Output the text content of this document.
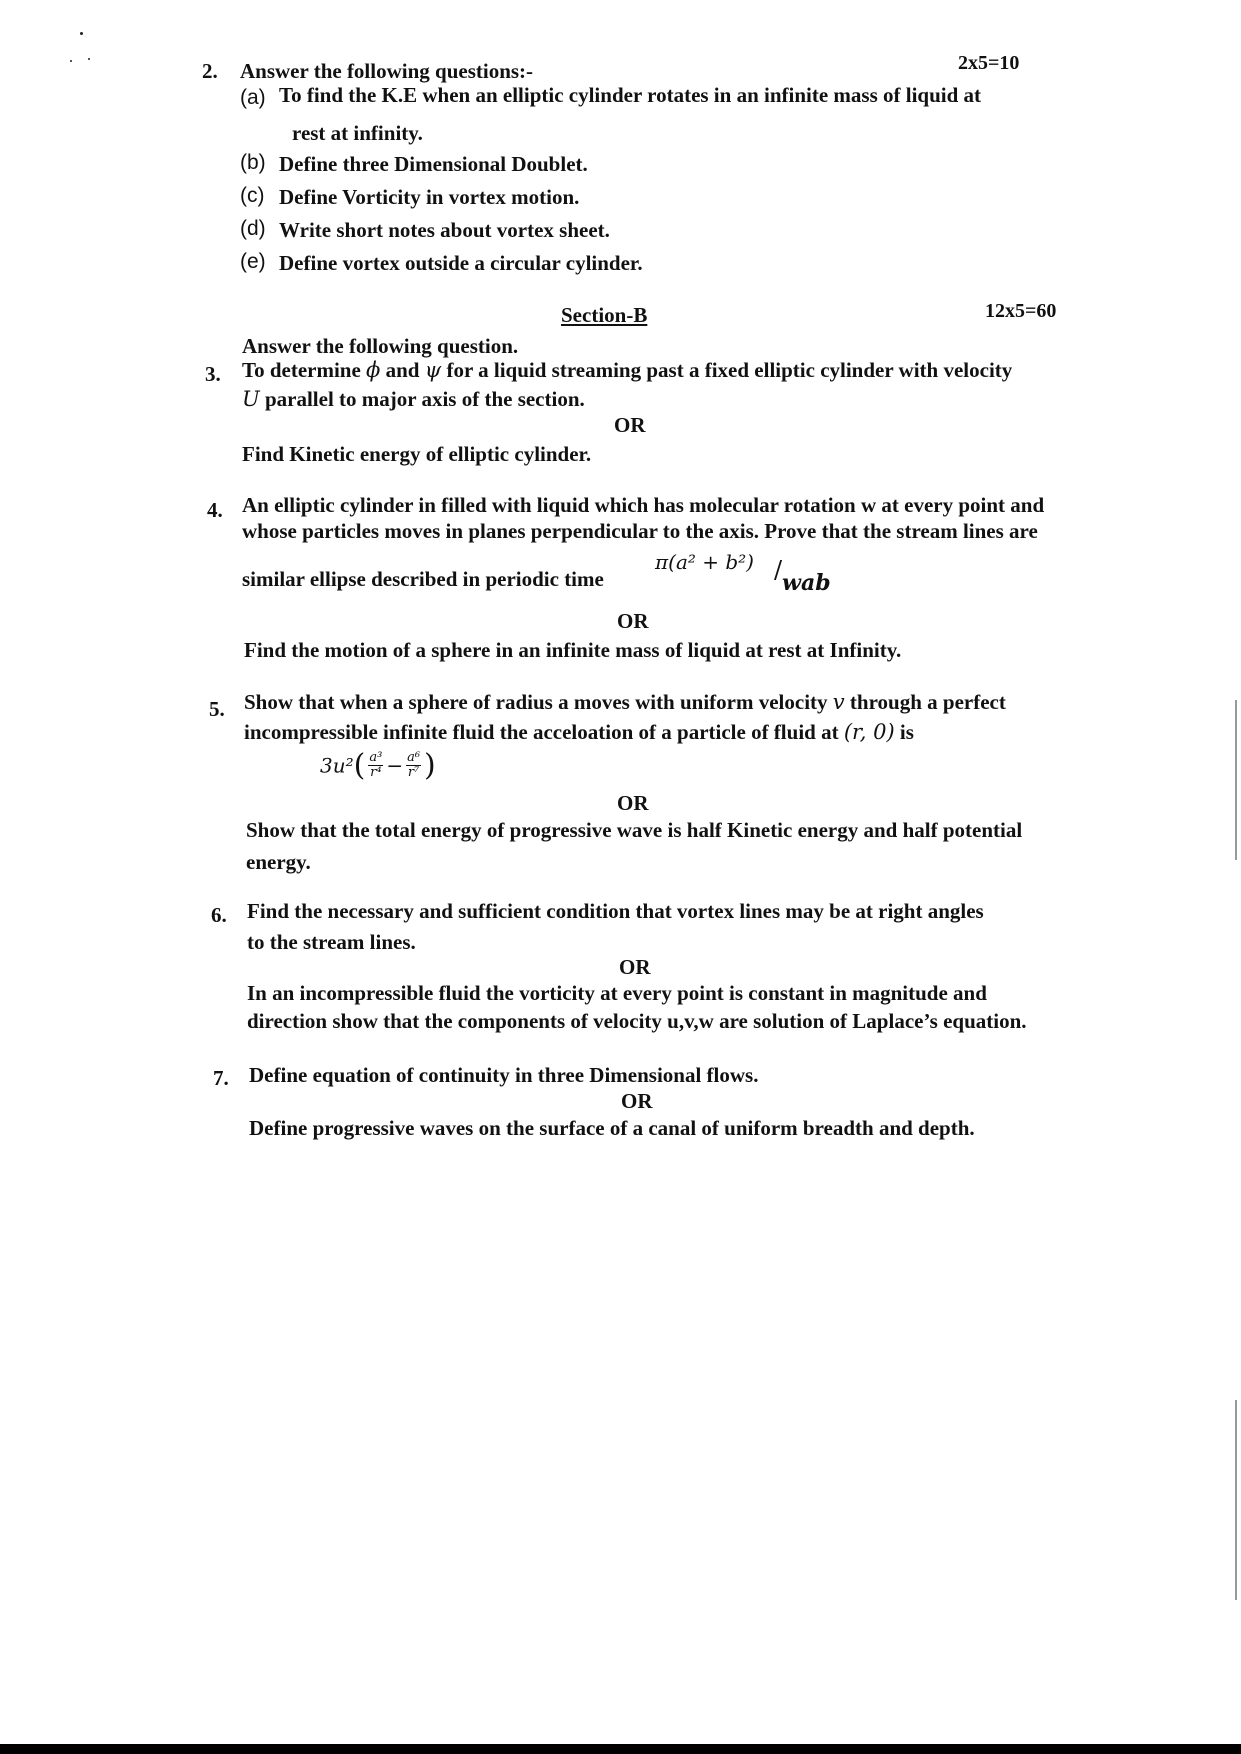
2. Answer the following questions:-	2x5=10
(a) To find the K.E when an elliptic cylinder rotates in an infinite mass of liquid at
rest at infinity.
(b) Define three Dimensional Doublet.
(c) Define Vorticity in vortex motion.
(d) Write short notes about vortex sheet.
(e) Define vortex outside a circular cylinder.
Section-B	12x5=60
Answer the following question.
3. To determine ϕ and ψ for a liquid streaming past a fixed elliptic cylinder with velocity
U parallel to major axis of the section.
OR
Find Kinetic energy of elliptic cylinder.
4. An elliptic cylinder in filled with liquid which has molecular rotation w at every point and
whose particles moves in planes perpendicular to the axis. Prove that the stream lines are
similar ellipse described in periodic time
π(a² + b²) / wab
OR
Find the motion of a sphere in an infinite mass of liquid at rest at Infinity.
5. Show that when a sphere of radius a moves with uniform velocity v through a perfect
incompressible infinite fluid the acceloation of a particle of fluid at (r, 0) is
$3u^2( \frac{\text{a³}}{\text{r⁴}} - \frac{\text{a⁶}}{\text{r⁷}}$ )
OR
Show that the total energy of progressive wave is half Kinetic energy and half potential
energy.
6. Find the necessary and sufficient condition that vortex lines may be at right angles
to the stream lines.
OR
In an incompressible fluid the vorticity at every point is constant in magnitude and
direction show that the components of velocity u,v,w are solution of Laplace’s equation.
7. Define equation of continuity in three Dimensional flows.
OR
Define progressive waves on the surface of a canal of uniform breadth and depth.
